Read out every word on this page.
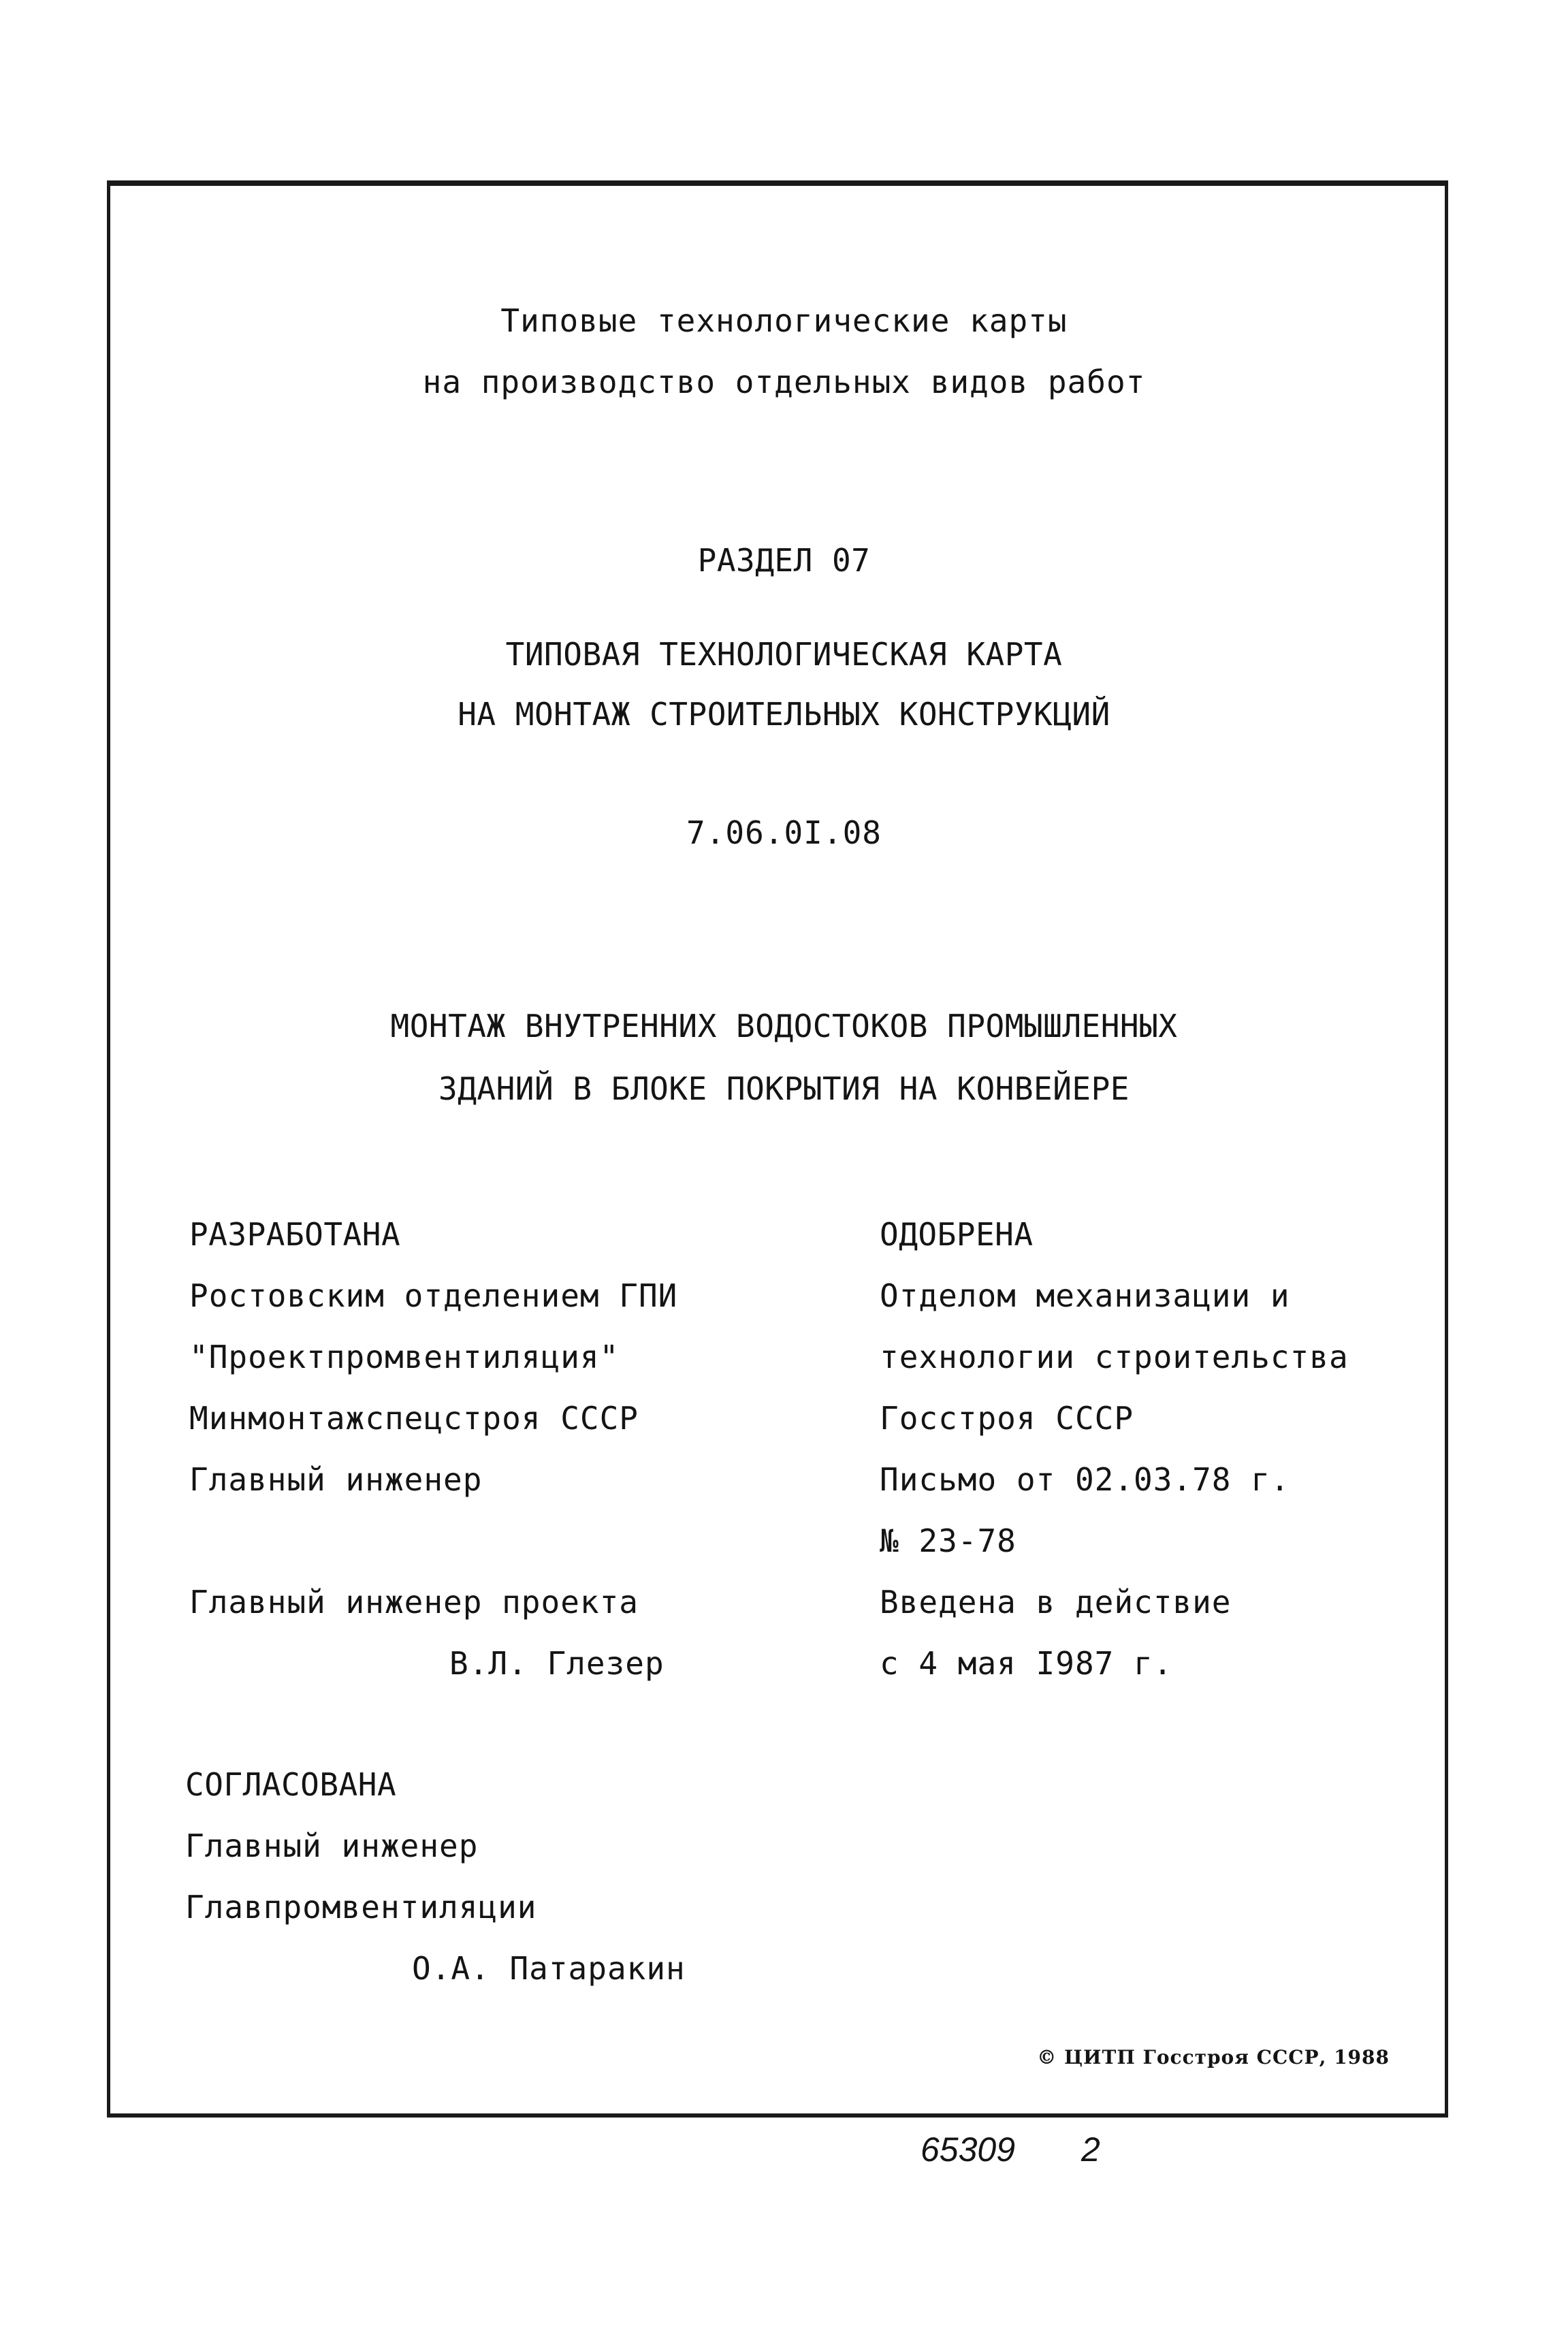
Типовые технологические карты
на производство отдельных видов работ
РАЗДЕЛ 07
ТИПОВАЯ ТЕХНОЛОГИЧЕСКАЯ КАРТА
НА МОНТАЖ СТРОИТЕЛЬНЫХ КОНСТРУКЦИЙ
7.06.0I.08
МОНТАЖ ВНУТРЕННИХ ВОДОСТОКОВ ПРОМЫШЛЕННЫХ
ЗДАНИЙ В БЛОКЕ ПОКРЫТИЯ НА КОНВЕЙЕРЕ
РАЗРАБОТАНА
Ростовским отделением ГПИ
"Проектпромвентиляция"
Минмонтажспецстроя СССР
Главный инженер
Главный инженер проекта
В.Л. Глезер
ОДОБРЕНА
Отделом механизации и
технологии строительства
Госстроя СССР
Письмо от 02.03.78 г.
№ 23-78
Введена в действие
с 4 мая I987 г.
СОГЛАСОВАНА
Главный инженер
Главпромвентиляции
О.А. Патаракин
© ЦИТП Госстроя СССР, 1988
65309 2
